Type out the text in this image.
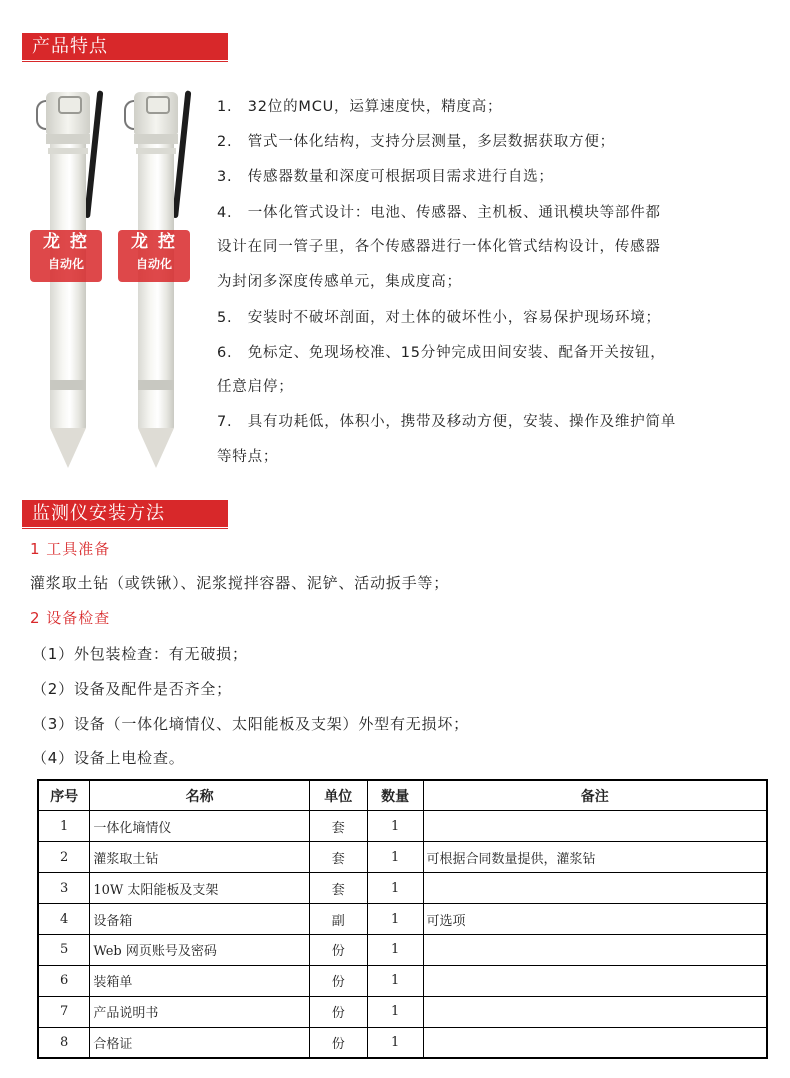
产品特点
龙 控
自动化
龙 控
自动化
1.　32位的MCU，运算速度快，精度高；
2.　管式一体化结构，支持分层测量，多层数据获取方便；
3.　传感器数量和深度可根据项目需求进行自选；
4.　一体化管式设计：电池、传感器、主机板、通讯模块等部件都
设计在同一管子里，各个传感器进行一体化管式结构设计，传感器
为封闭多深度传感单元，集成度高；
5.　安装时不破坏剖面，对土体的破坏性小，容易保护现场环境；
6.　免标定、免现场校准、15分钟完成田间安装、配备开关按钮，
任意启停；
7.　具有功耗低，体积小，携带及移动方便，安装、操作及维护简单
等特点；
监测仪安装方法
1 工具准备
灌浆取土钻（或铁锹）、泥浆搅拌容器、泥铲、活动扳手等；
2 设备检查
（1）外包装检查：有无破损；
（2）设备及配件是否齐全；
（3）设备（一体化墒情仪、太阳能板及支架）外型有无损坏；
（4）设备上电检查。
序号	名称	单位	数量	备注
1	一体化墒情仪	套	1	
2	灌浆取土钻	套	1	可根据合同数量提供，灌浆钻
3	10W 太阳能板及支架	套	1	
4	设备箱	副	1	可选项
5	Web 网页账号及密码	份	1	
6	装箱单	份	1	
7	产品说明书	份	1	
8	合格证	份	1	
